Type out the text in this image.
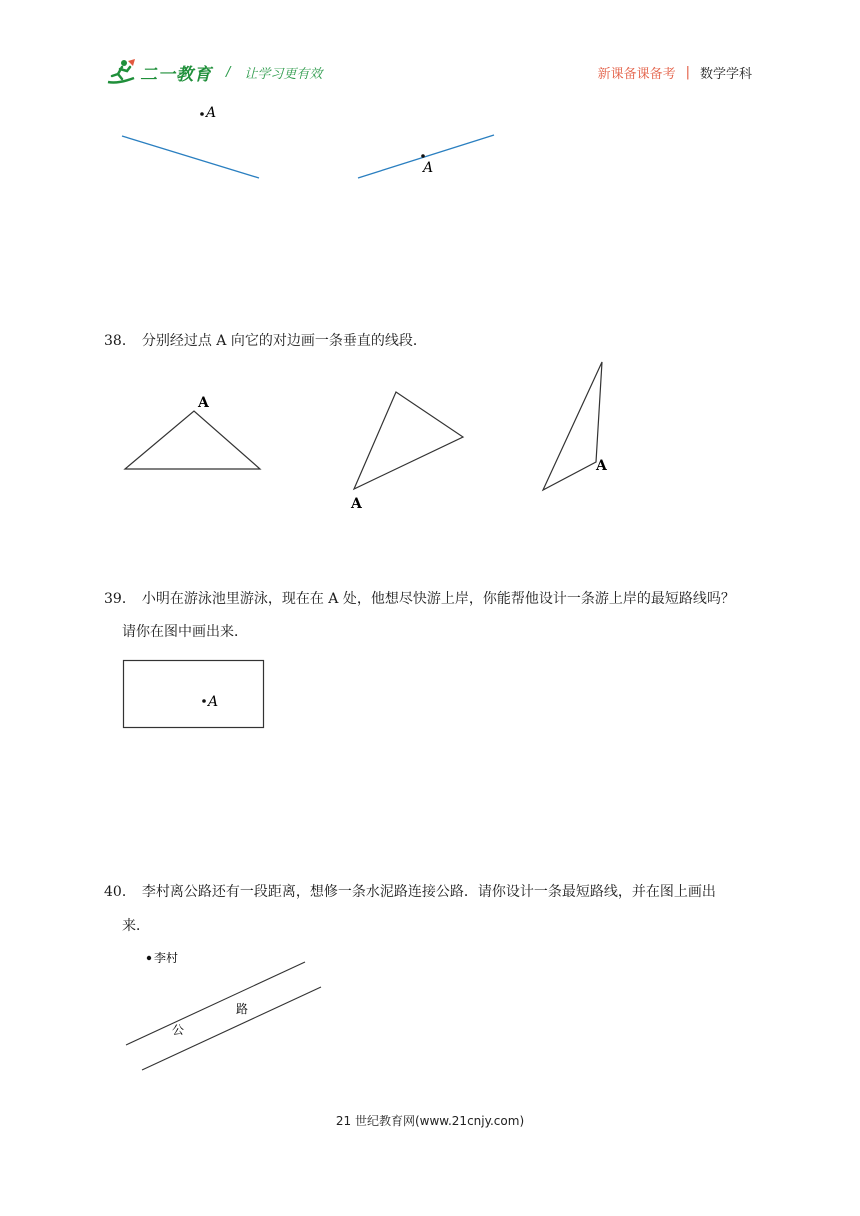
二一教育 / 让学习更有效	新课备课备考 | 数学学科
A
A
38． 分别经过点 A 向它的对边画一条垂直的线段．
A
A
A
39． 小明在游泳池里游泳，现在在 A 处，他想尽快游上岸，你能帮他设计一条游上岸的最短路线吗？
请你在图中画出来．
A
40． 李村离公路还有一段距离，想修一条水泥路连接公路．请你设计一条最短路线，并在图上画出
来．
李村
路
公
21 世纪教育网(www.21cnjy.com)
